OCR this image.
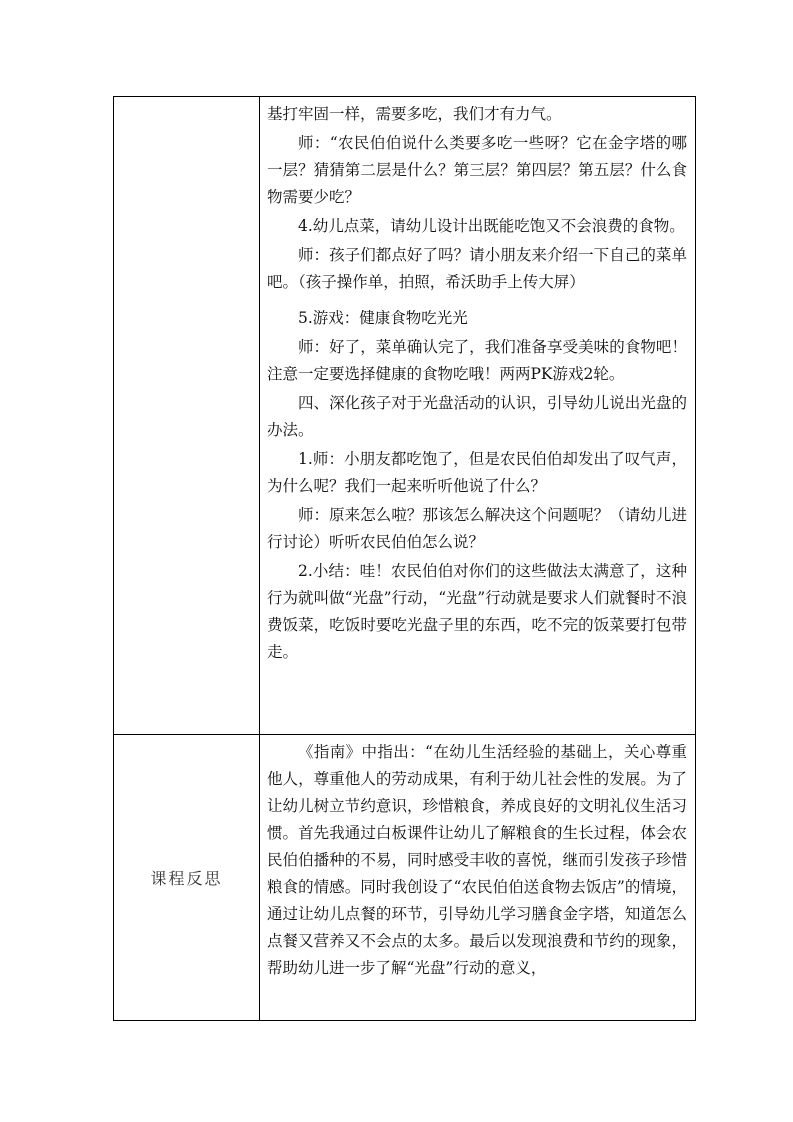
基打牢固一样，需要多吃，我们才有力气。

师：“农民伯伯说什么类要多吃一些呀？它在金字塔的哪一层？猜猜第二层是什么？第三层？第四层？第五层？什么食物需要少吃？

4.幼儿点菜，请幼儿设计出既能吃饱又不会浪费的食物。

师：孩子们都点好了吗？请小朋友来介绍一下自己的菜单吧。（孩子操作单，拍照，希沃助手上传大屏）

5.游戏：健康食物吃光光

师：好了，菜单确认完了，我们准备享受美味的食物吧！注意一定要选择健康的食物吃哦！两两PK游戏2轮。

四、深化孩子对于光盘活动的认识，引导幼儿说出光盘的办法。

1.师：小朋友都吃饱了，但是农民伯伯却发出了叹气声，为什么呢？我们一起来听听他说了什么？

师：原来怎么啦？那该怎么解决这个问题呢？（请幼儿进行讨论）听听农民伯伯怎么说？

2.小结：哇！农民伯伯对你们的这些做法太满意了，这种行为就叫做“光盘”行动，“光盘”行动就是要求人们就餐时不浪费饭菜，吃饭时要吃光盘子里的东西，吃不完的饭菜要打包带走。

课程反思

《指南》中指出：“在幼儿生活经验的基础上，关心尊重他人，尊重他人的劳动成果，有利于幼儿社会性的发展。为了让幼儿树立节约意识，珍惜粮食，养成良好的文明礼仪生活习惯。首先我通过白板课件让幼儿了解粮食的生长过程，体会农民伯伯播种的不易，同时感受丰收的喜悦，继而引发孩子珍惜粮食的情感。同时我创设了“农民伯伯送食物去饭店”的情境，通过让幼儿点餐的环节，引导幼儿学习膳食金字塔，知道怎么点餐又营养又不会点的太多。最后以发现浪费和节约的现象，帮助幼儿进一步了解“光盘”行动的意义，
